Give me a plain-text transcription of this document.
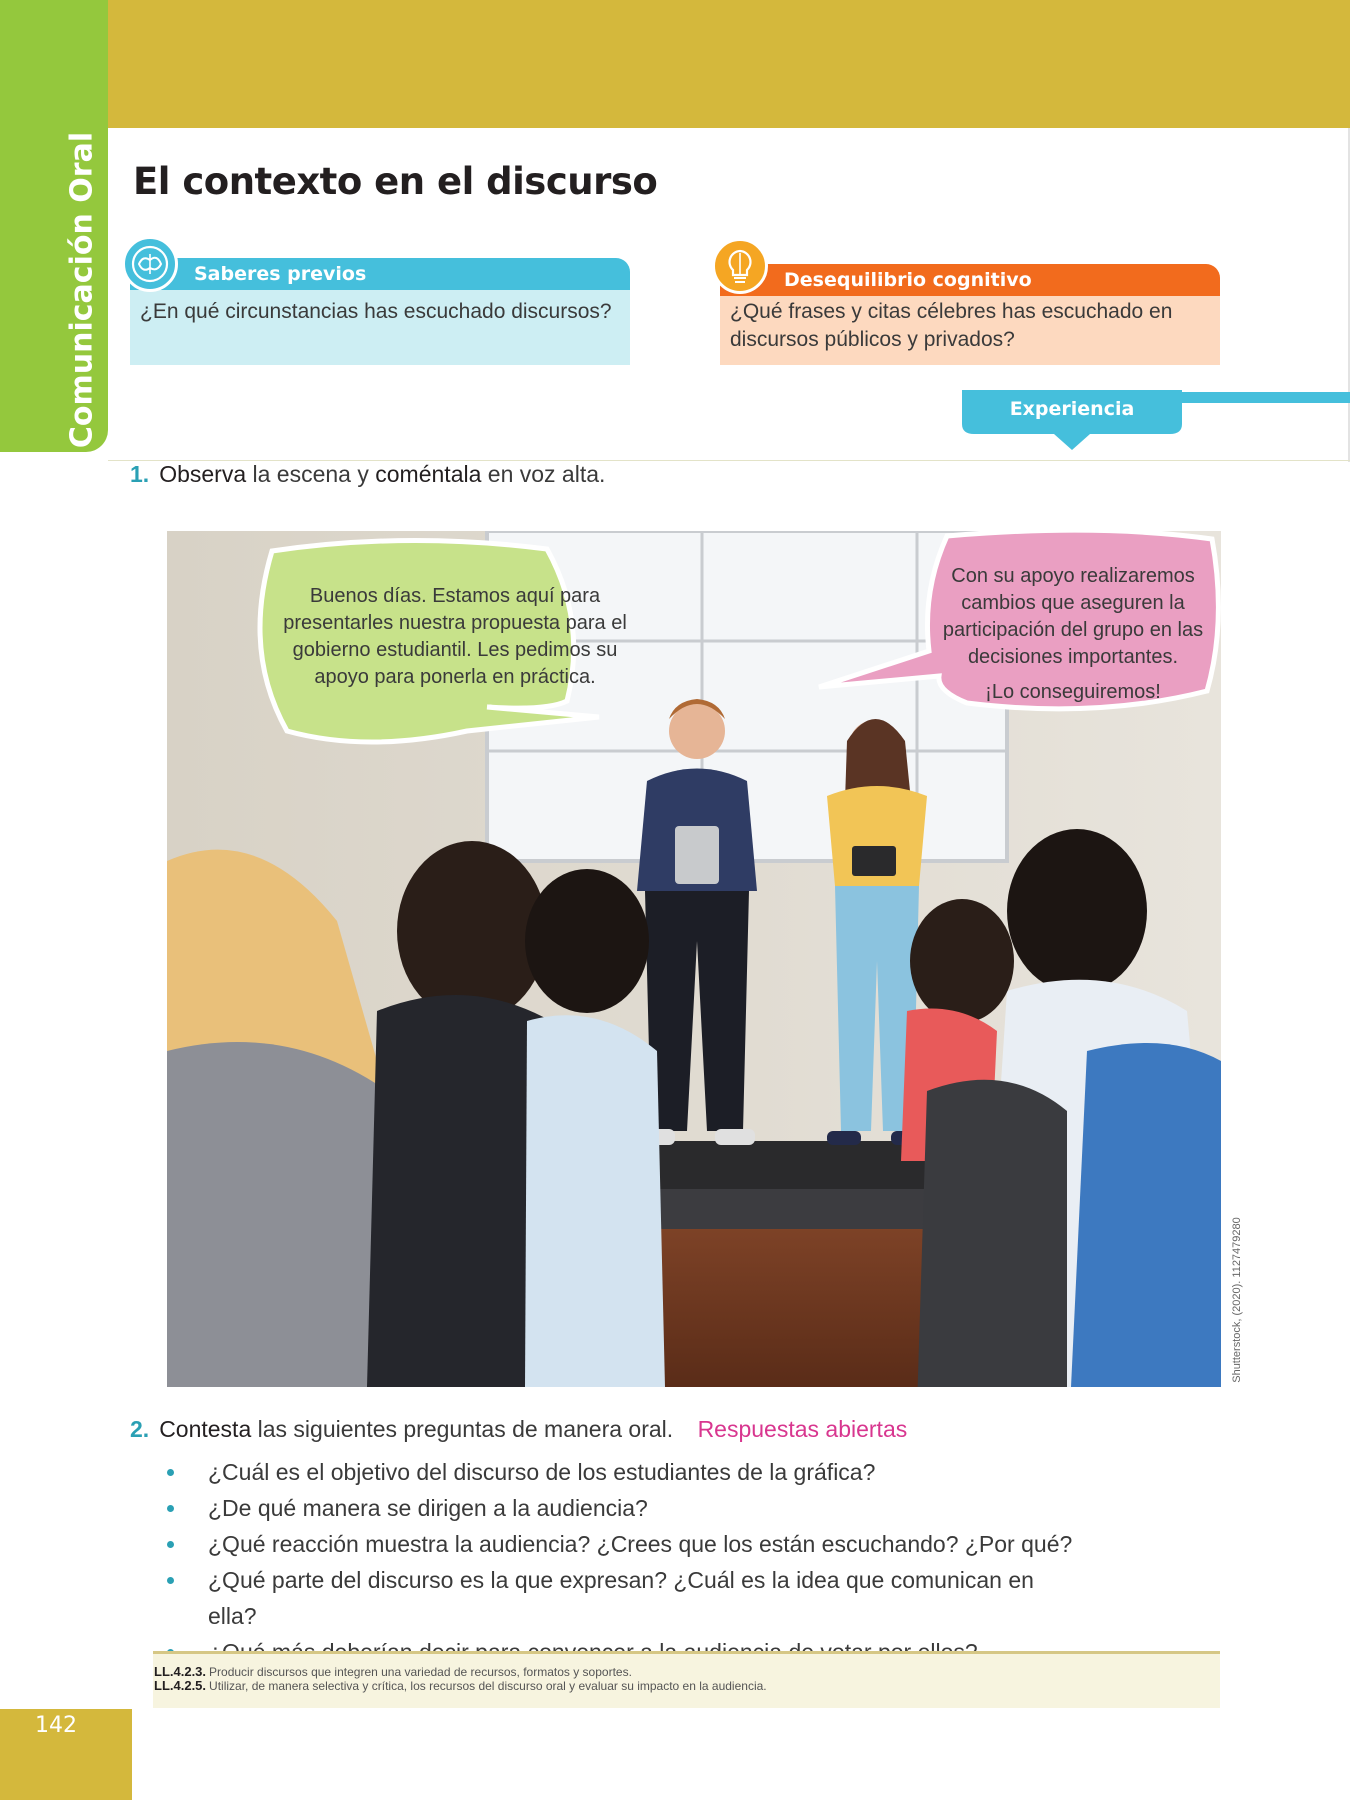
Comunicación Oral El contexto en el discurso
Saberes previos
¿En qué circunstancias has escuchado discursos?
Desequilibrio cognitivo
¿Qué frases y citas célebres has escuchado en discursos públicos y privados?
Experiencia
1. Observa la escena y coméntala en voz alta.
Buenos días. Estamos aquí para presentarles nuestra propuesta para el gobierno estudiantil. Les pedimos su apoyo para ponerla en práctica.
Con su apoyo realizaremos cambios que aseguren la participación del grupo en las decisiones importantes.
¡Lo conseguiremos!
Shutterstock, (2020). 1127479280
2. Contesta las siguientes preguntas de manera oral. Respuestas abiertas
¿Cuál es el objetivo del discurso de los estudiantes de la gráfica?
¿De qué manera se dirigen a la audiencia?
¿Qué reacción muestra la audiencia? ¿Crees que los están escuchando? ¿Por qué?
¿Qué parte del discurso es la que expresan? ¿Cuál es la idea que comunican en ella?
LL.4.2.3. Producir discursos que integren una variedad de recursos, formatos y soportes.
LL.4.2.5. Utilizar, de manera selectiva y crítica, los recursos del discurso oral y evaluar su impacto en la audiencia.
142
